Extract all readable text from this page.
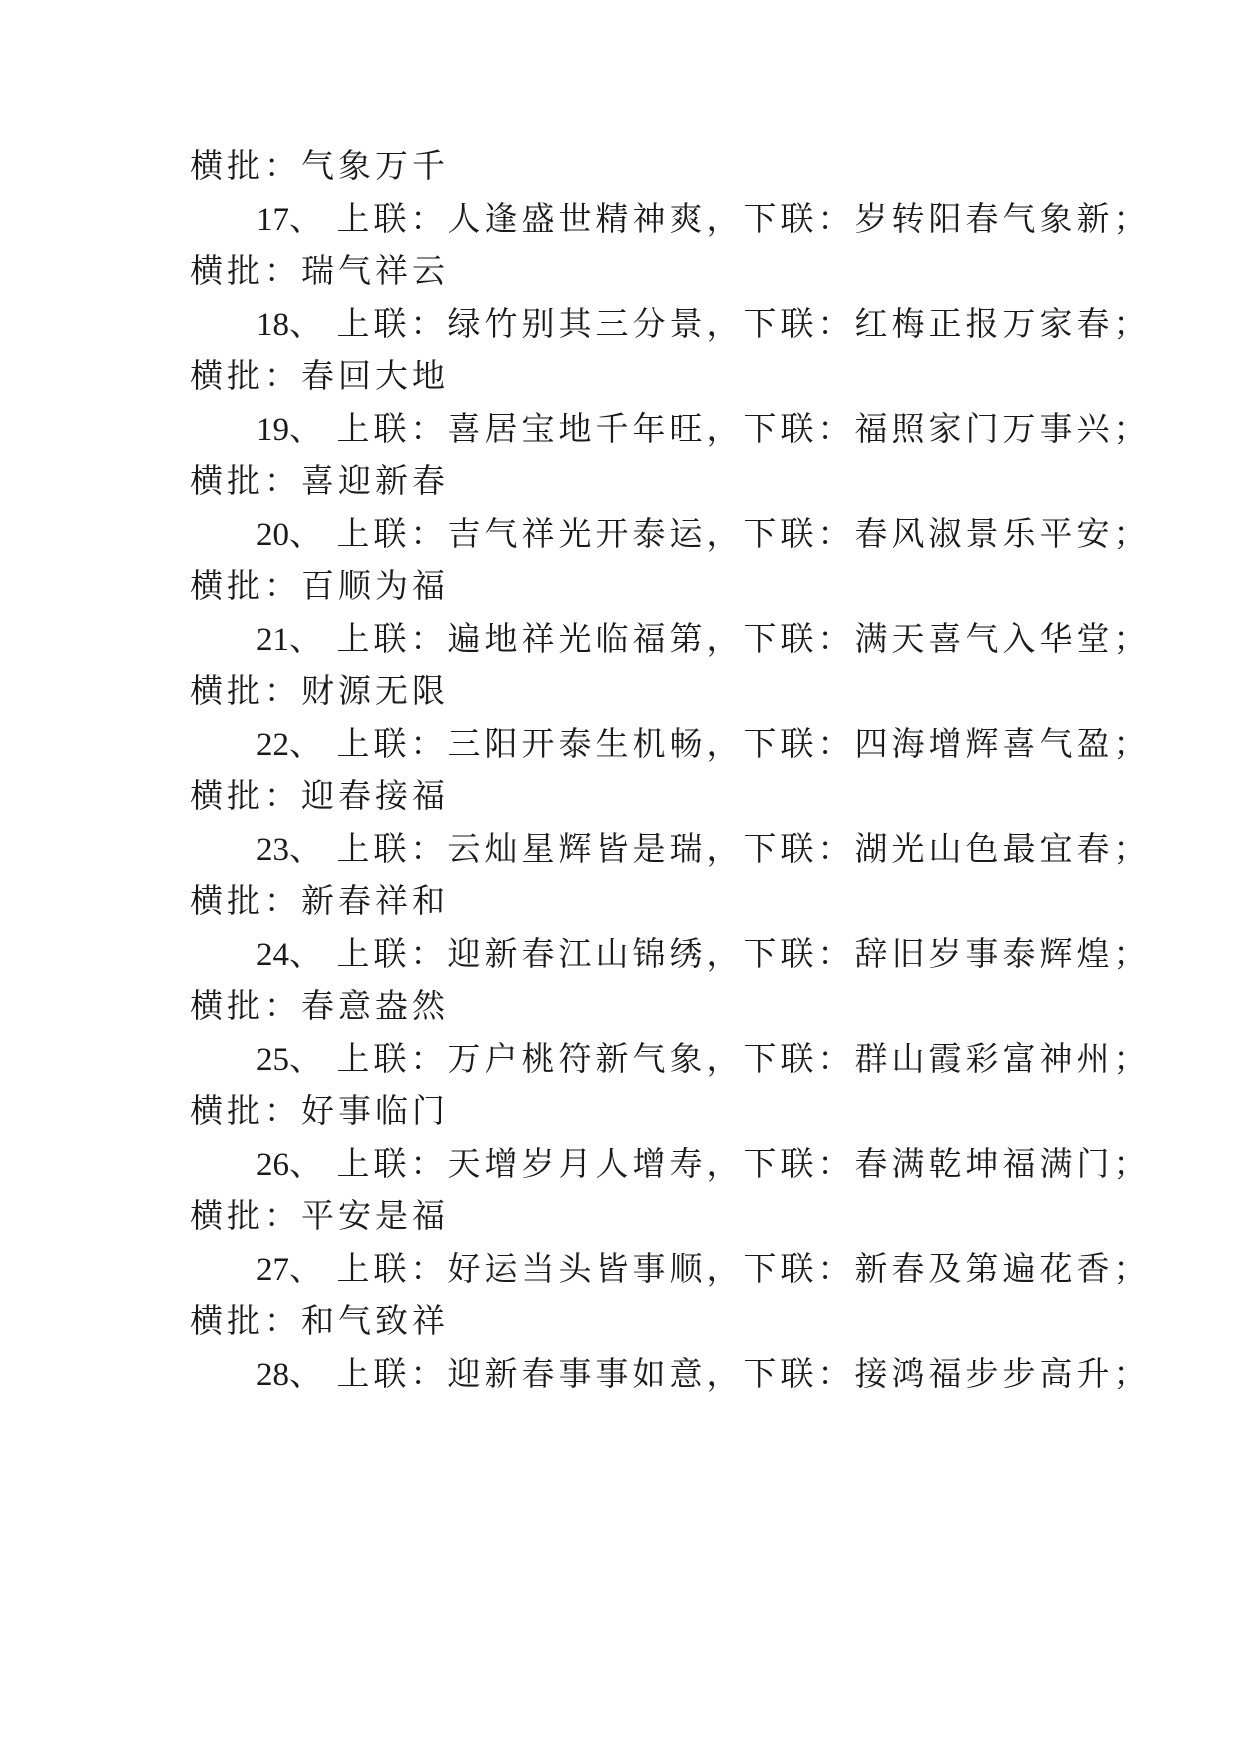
横批：气象万千
17、 上联：人逢盛世精神爽，下联：岁转阳春气象新；
横批：瑞气祥云
18、 上联：绿竹别其三分景，下联：红梅正报万家春；
横批：春回大地
19、 上联：喜居宝地千年旺，下联：福照家门万事兴；
横批：喜迎新春
20、 上联：吉气祥光开泰运，下联：春风淑景乐平安；
横批：百顺为福
21、 上联：遍地祥光临福第，下联：满天喜气入华堂；
横批：财源无限
22、 上联：三阳开泰生机畅，下联：四海增辉喜气盈；
横批：迎春接福
23、 上联：云灿星辉皆是瑞，下联：湖光山色最宜春；
横批：新春祥和
24、 上联：迎新春江山锦绣，下联：辞旧岁事泰辉煌；
横批：春意盎然
25、 上联：万户桃符新气象，下联：群山霞彩富神州；
横批：好事临门
26、 上联：天增岁月人增寿，下联：春满乾坤福满门；
横批：平安是福
27、 上联：好运当头皆事顺，下联：新春及第遍花香；
横批：和气致祥
28、 上联：迎新春事事如意，下联：接鸿福步步高升；
